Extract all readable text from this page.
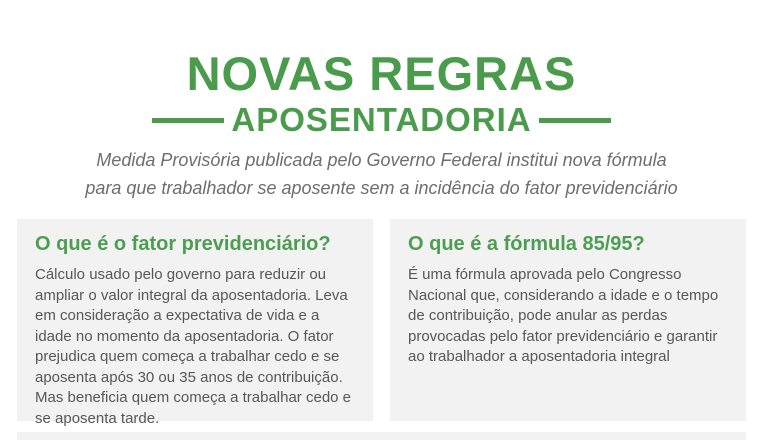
NOVAS REGRAS
APOSENTADORIA
Medida Provisória publicada pelo Governo Federal institui nova fórmula
para que trabalhador se aposente sem a incidência do fator previdenciário
O que é o fator previdenciário?
Cálculo usado pelo governo para reduzir ou ampliar o valor integral da aposentadoria. Leva em consideração a expectativa de vida e a idade no momento da aposentadoria. O fator prejudica quem começa a trabalhar cedo e se aposenta após 30 ou 35 anos de contribuição. Mas beneficia quem começa a trabalhar cedo e se aposenta tarde.
O que é a fórmula 85/95?
É uma fórmula aprovada pelo Congresso Nacional que, considerando a idade e o tempo de contribuição, pode anular as perdas provocadas pelo fator previdenciário e garantir ao trabalhador a aposentadoria integral
